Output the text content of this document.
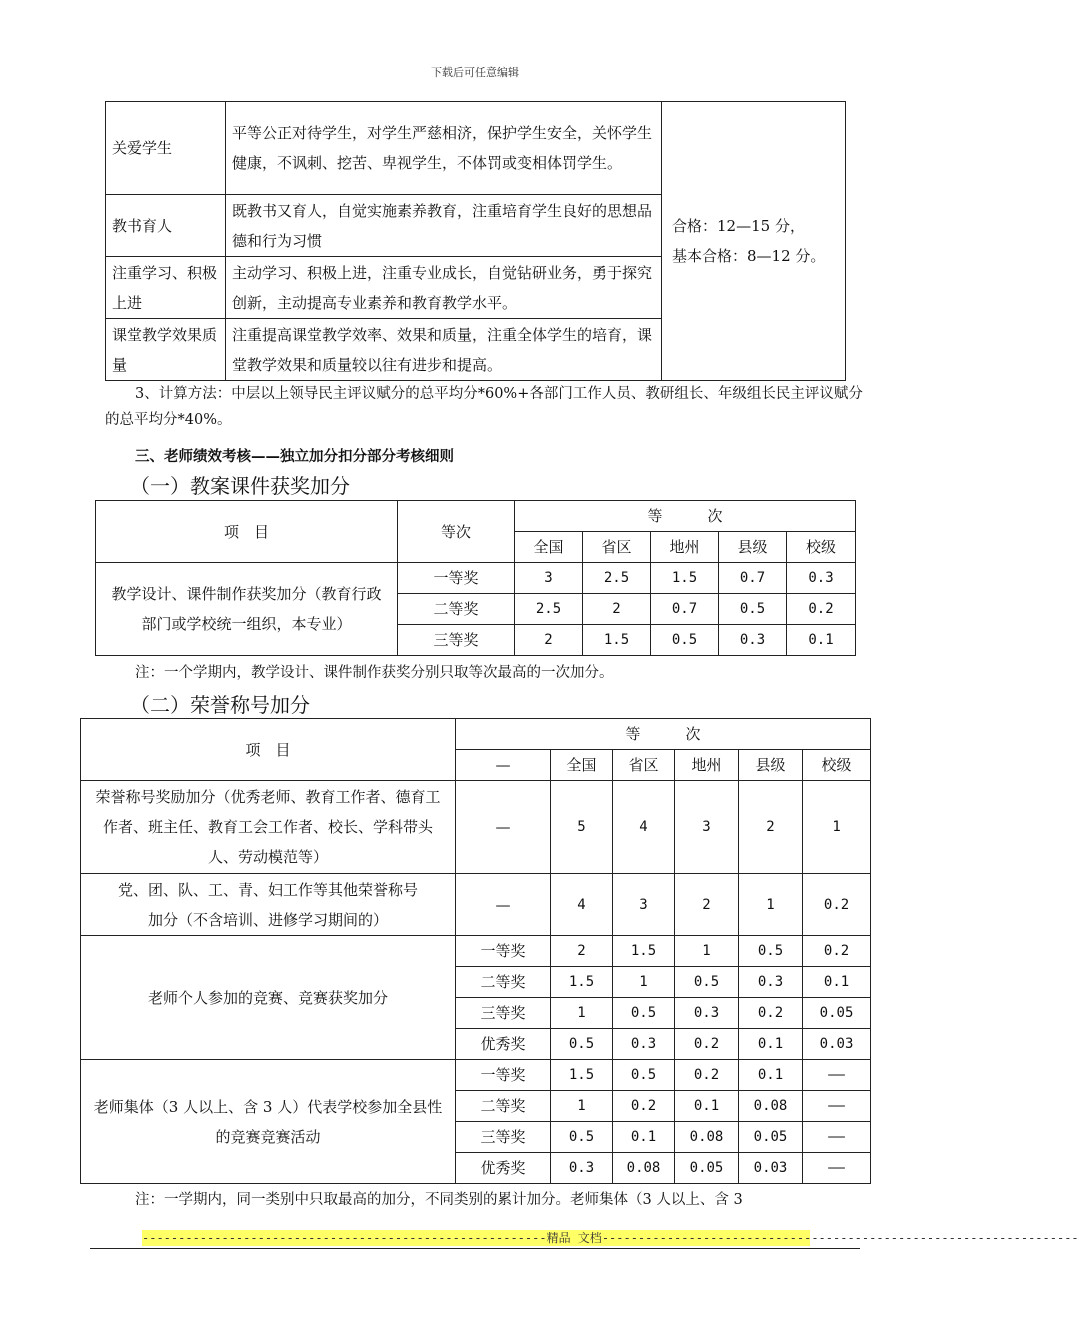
下载后可任意编辑
关爱学生	平等公正对待学生，对学生严慈相济，保护学生安全，关怀学生健康，不讽刺、挖苦、卑视学生，不体罚或变相体罚学生。	合格：12—15 分，
基本合格：8—12 分。

教书育人	既教书又育人，自觉实施素养教育，注重培育学生良好的思想品德和行为习惯	
注重学习、积极上进	主动学习、积极上进，注重专业成长，自觉钻研业务，勇于探究创新，主动提高专业素养和教育教学水平。	
课堂教学效果质量	注重提高课堂教学效率、效果和质量，注重全体学生的培育，课堂教学效果和质量较以往有进步和提高。	
3、计算方法：中层以上领导民主评议赋分的总平均分*60%+各部门工作人员、教研组长、年级组长民主评议赋分的总平均分*40%。
三、老师绩效考核——独立加分扣分部分考核细则
（一）教案课件获奖加分
项　目	等次	等　　　次				
		全国	省区	地州	县级	校级
教学设计、课件制作获奖加分（教育行政部门或学校统一组织，本专业）	一等奖	3	2.5	1.5	0.7	0.3
	二等奖	2.5	2	0.7	0.5	0.2
	三等奖	2	1.5	0.5	0.3	0.1
注：一个学期内，教学设计、课件制作获奖分别只取等次最高的一次加分。
（二）荣誉称号加分
项　目	等　　　次					
	—	全国	省区	地州	县级	校级
荣誉称号奖励加分（优秀老师、教育工作者、德育工作者、班主任、教育工会工作者、校长、学科带头人、劳动模范等）	—	5	4	3	2	1
党、团、队、工、青、妇工作等其他荣誉称号加分（不含培训、进修学习期间的）	—	4	3	2	1	0.2
老师个人参加的竞赛、竞赛获奖加分	一等奖	2	1.5	1	0.5	0.2
	二等奖	1.5	1	0.5	0.3	0.1
	三等奖	1	0.5	0.3	0.2	0.05
	优秀奖	0.5	0.3	0.2	0.1	0.03
老师集体（3 人以上、含 3 人）代表学校参加全县性的竞赛竞赛活动	一等奖	1.5	0.5	0.2	0.1	——
	二等奖	1	0.2	0.1	0.08	——
	三等奖	0.5	0.1	0.08	0.05	——
	优秀奖	0.3	0.08	0.05	0.03	——
注：一学期内，同一类别中只取最高的加分，不同类别的累计加分。老师集体（3 人以上、含 3
--------------------------------------------------------精品 文档------------------------------------------------------------------
